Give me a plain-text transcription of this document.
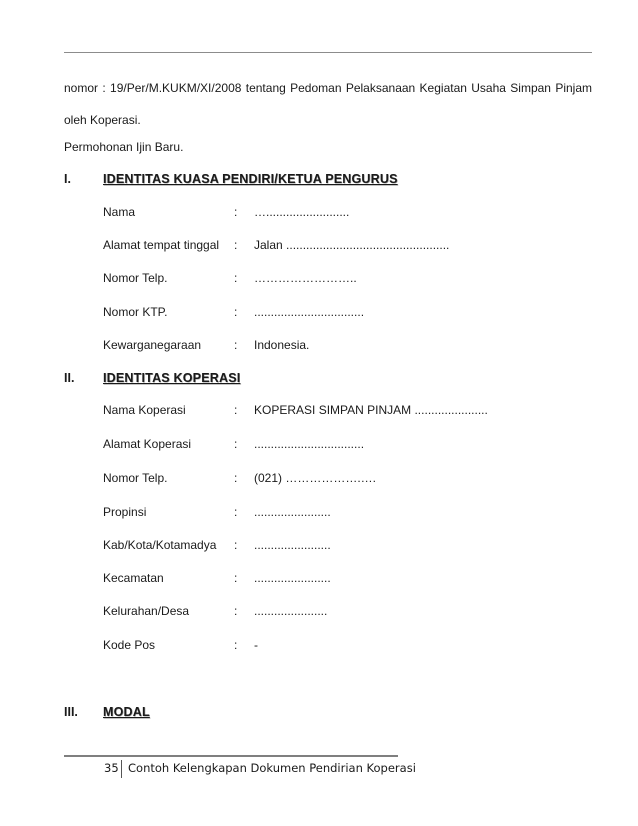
nomor : 19/Per/M.KUKM/XI/2008 tentang Pedoman Pelaksanaan Kegiatan Usaha Simpan Pinjam
oleh Koperasi.
Permohonan Ijin Baru.
I.	IDENTITAS KUASA PENDIRI/KETUA PENGURUS
Nama	: ….........................
Alamat tempat tinggal : Jalan .................................................
Nomor Telp.	: ……………………..
Nomor KTP.	: .................................
Kewarganegaraan	: Indonesia.
II. IDENTITAS KOPERASI
Nama Koperasi	: KOPERASI SIMPAN PINJAM ......................
Alamat Koperasi	: .................................
Nomor Telp.	: (021) ……………….….
Propinsi	: .......................
Kab/Kota/Kotamadya : .......................
Kecamatan	: .......................
Kelurahan/Desa	: ......................
Kode Pos	: -
III. MODAL
35 Contoh Kelengkapan Dokumen Pendirian Koperasi
